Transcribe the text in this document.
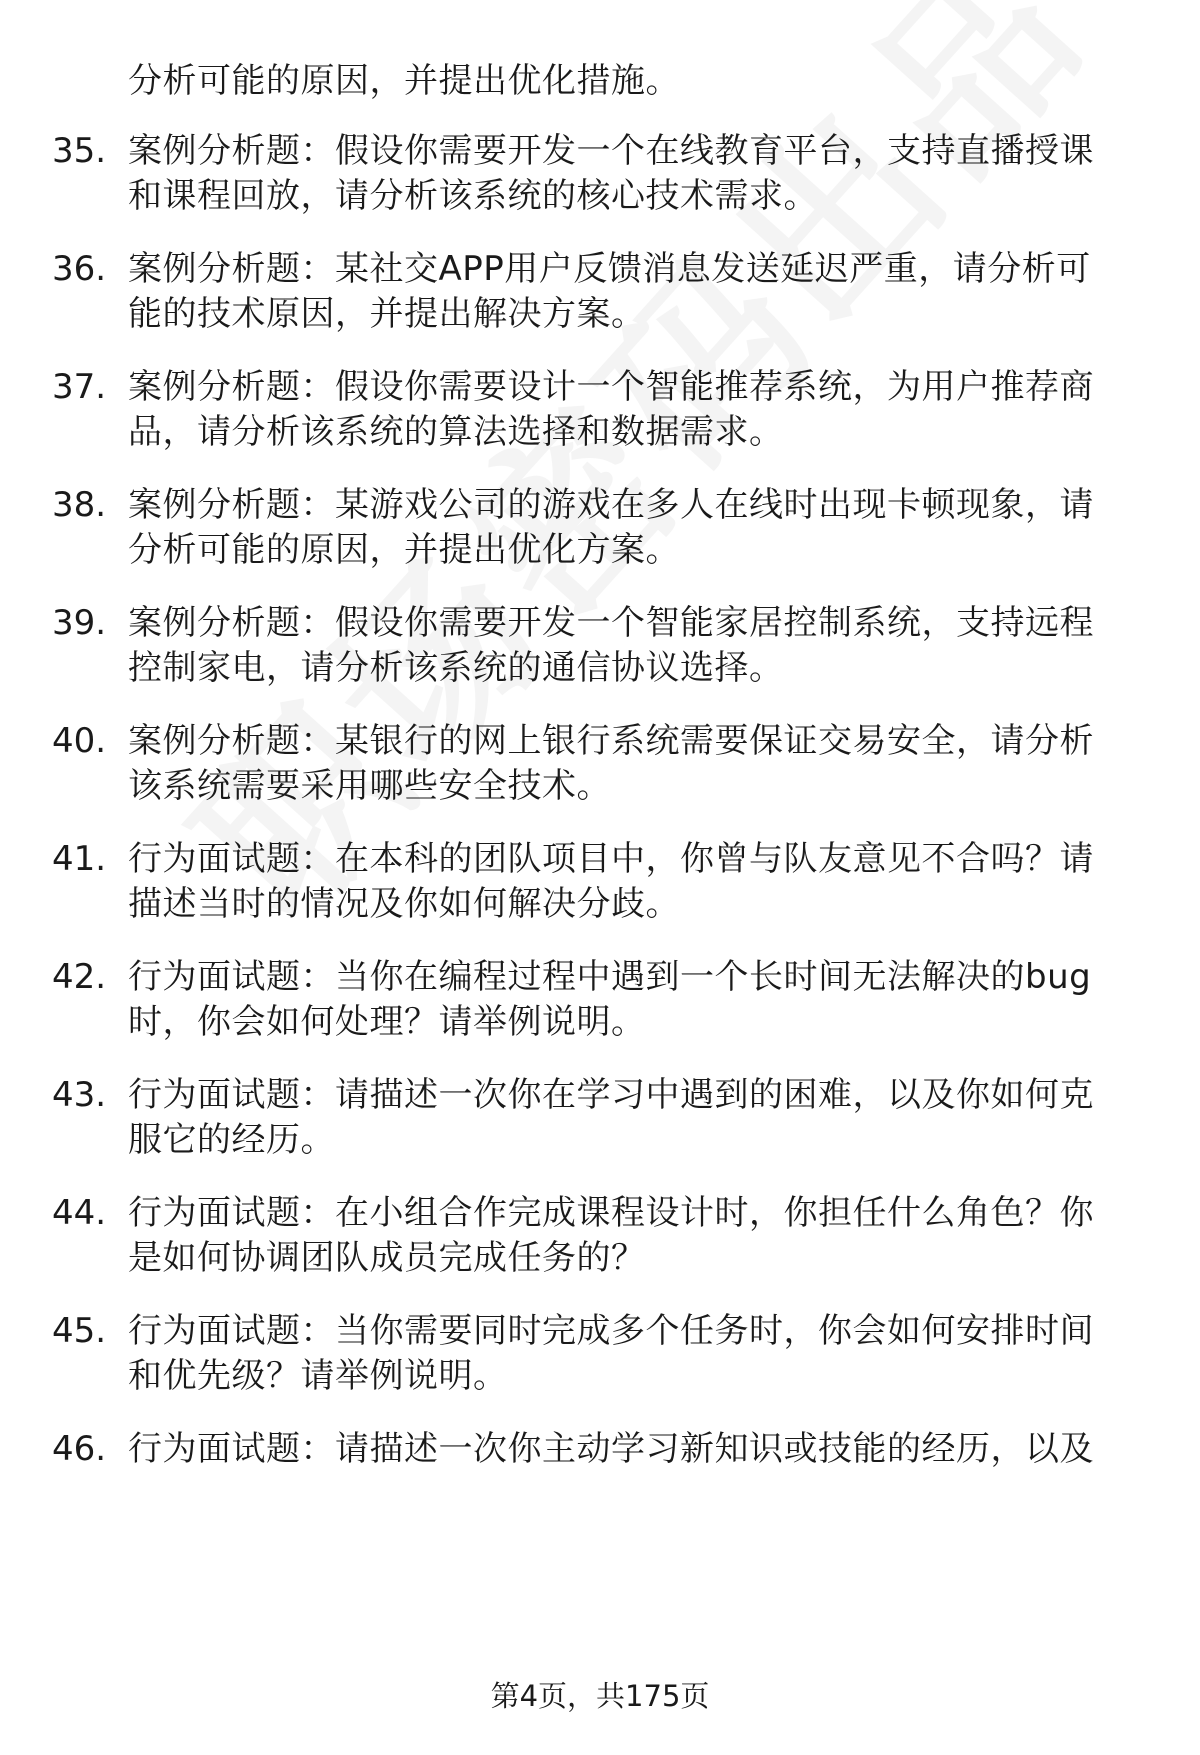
分析可能的原因，并提出优化措施。
35. 案例分析题：假设你需要开发一个在线教育平台，支持直播授课
和课程回放，请分析该系统的核心技术需求。
36. 案例分析题：某社交APP用户反馈消息发送延迟严重，请分析可
能的技术原因，并提出解决方案。
37. 案例分析题：假设你需要设计一个智能推荐系统，为用户推荐商
品，请分析该系统的算法选择和数据需求。
38. 案例分析题：某游戏公司的游戏在多人在线时出现卡顿现象，请
分析可能的原因，并提出优化方案。
39. 案例分析题：假设你需要开发一个智能家居控制系统，支持远程
控制家电，请分析该系统的通信协议选择。
40. 案例分析题：某银行的网上银行系统需要保证交易安全，请分析
该系统需要采用哪些安全技术。
41. 行为面试题：在本科的团队项目中，你曾与队友意见不合吗？请
描述当时的情况及你如何解决分歧。
42. 行为面试题：当你在编程过程中遇到一个长时间无法解决的bug
时，你会如何处理？请举例说明。
43. 行为面试题：请描述一次你在学习中遇到的困难，以及你如何克
服它的经历。
44. 行为面试题：在小组合作完成课程设计时，你担任什么角色？你
是如何协调团队成员完成任务的？
45. 行为面试题：当你需要同时完成多个任务时，你会如何安排时间
和优先级？请举例说明。
46. 行为面试题：请描述一次你主动学习新知识或技能的经历，以及
第4页，共175页
